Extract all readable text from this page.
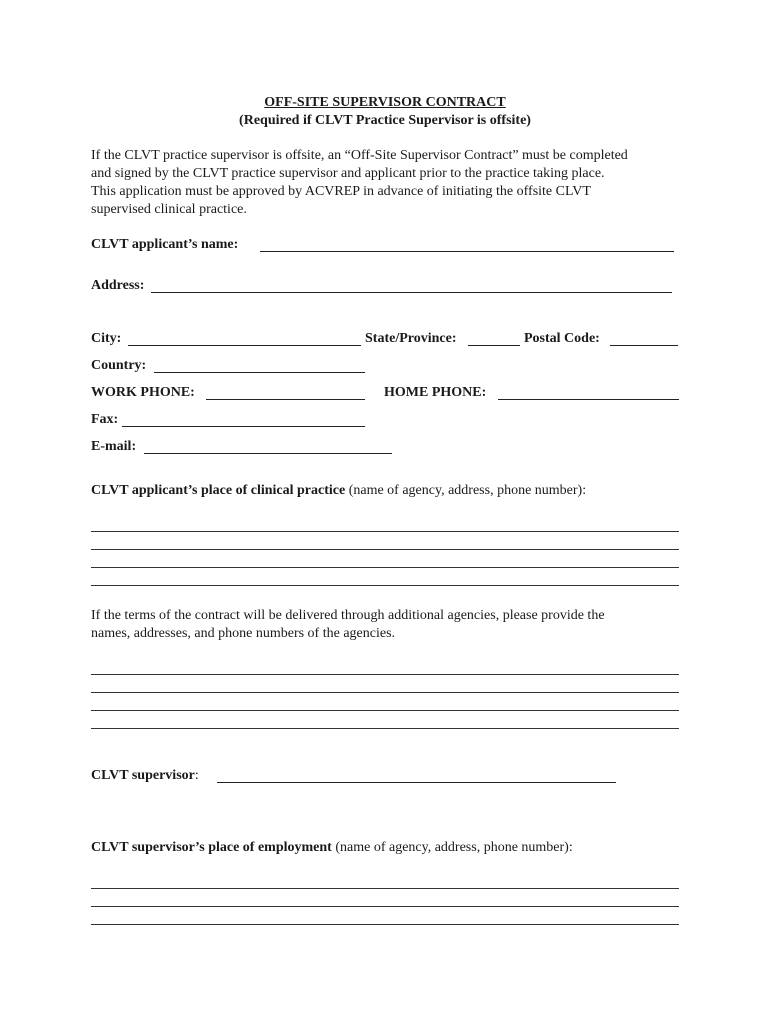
OFF-SITE SUPERVISOR CONTRACT
(Required if CLVT Practice Supervisor is offsite)
If the CLVT practice supervisor is offsite, an “Off-Site Supervisor Contract” must be completed
and signed by the CLVT practice supervisor and applicant prior to the practice taking place.
This application must be approved by ACVREP in advance of initiating the offsite CLVT
supervised clinical practice.
CLVT applicant’s name:
Address:
City:	State/Province:	Postal Code:
Country:
WORK PHONE:	HOME PHONE:
Fax:
E-mail:
CLVT applicant’s place of clinical practice (name of agency, address, phone number):
If the terms of the contract will be delivered through additional agencies, please provide the
names, addresses, and phone numbers of the agencies.
CLVT supervisor:
CLVT supervisor’s place of employment (name of agency, address, phone number):
